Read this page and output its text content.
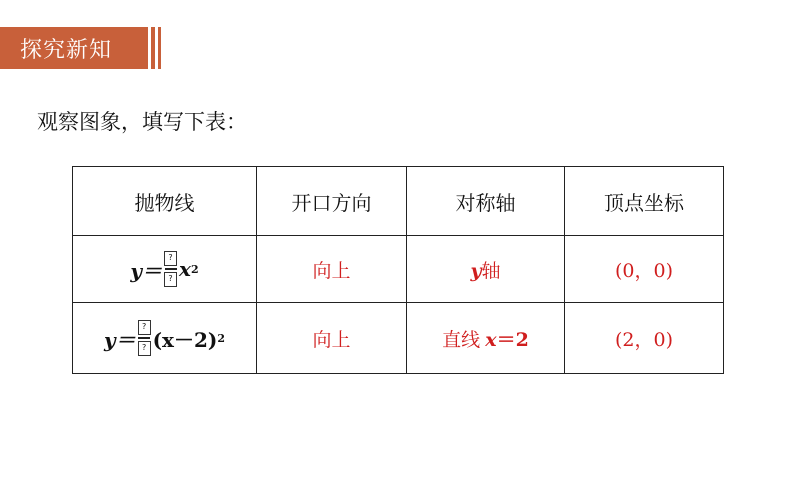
探究新知
观察图象，填写下表：
抛物线	开口方向	对称轴	顶点坐标

$y= \frac{?}{?}$ x 2	向上	y轴	(0，0)

$y= \frac{?}{?} (x-2)$ 2	向上	直线 x＝2	(2，0)
